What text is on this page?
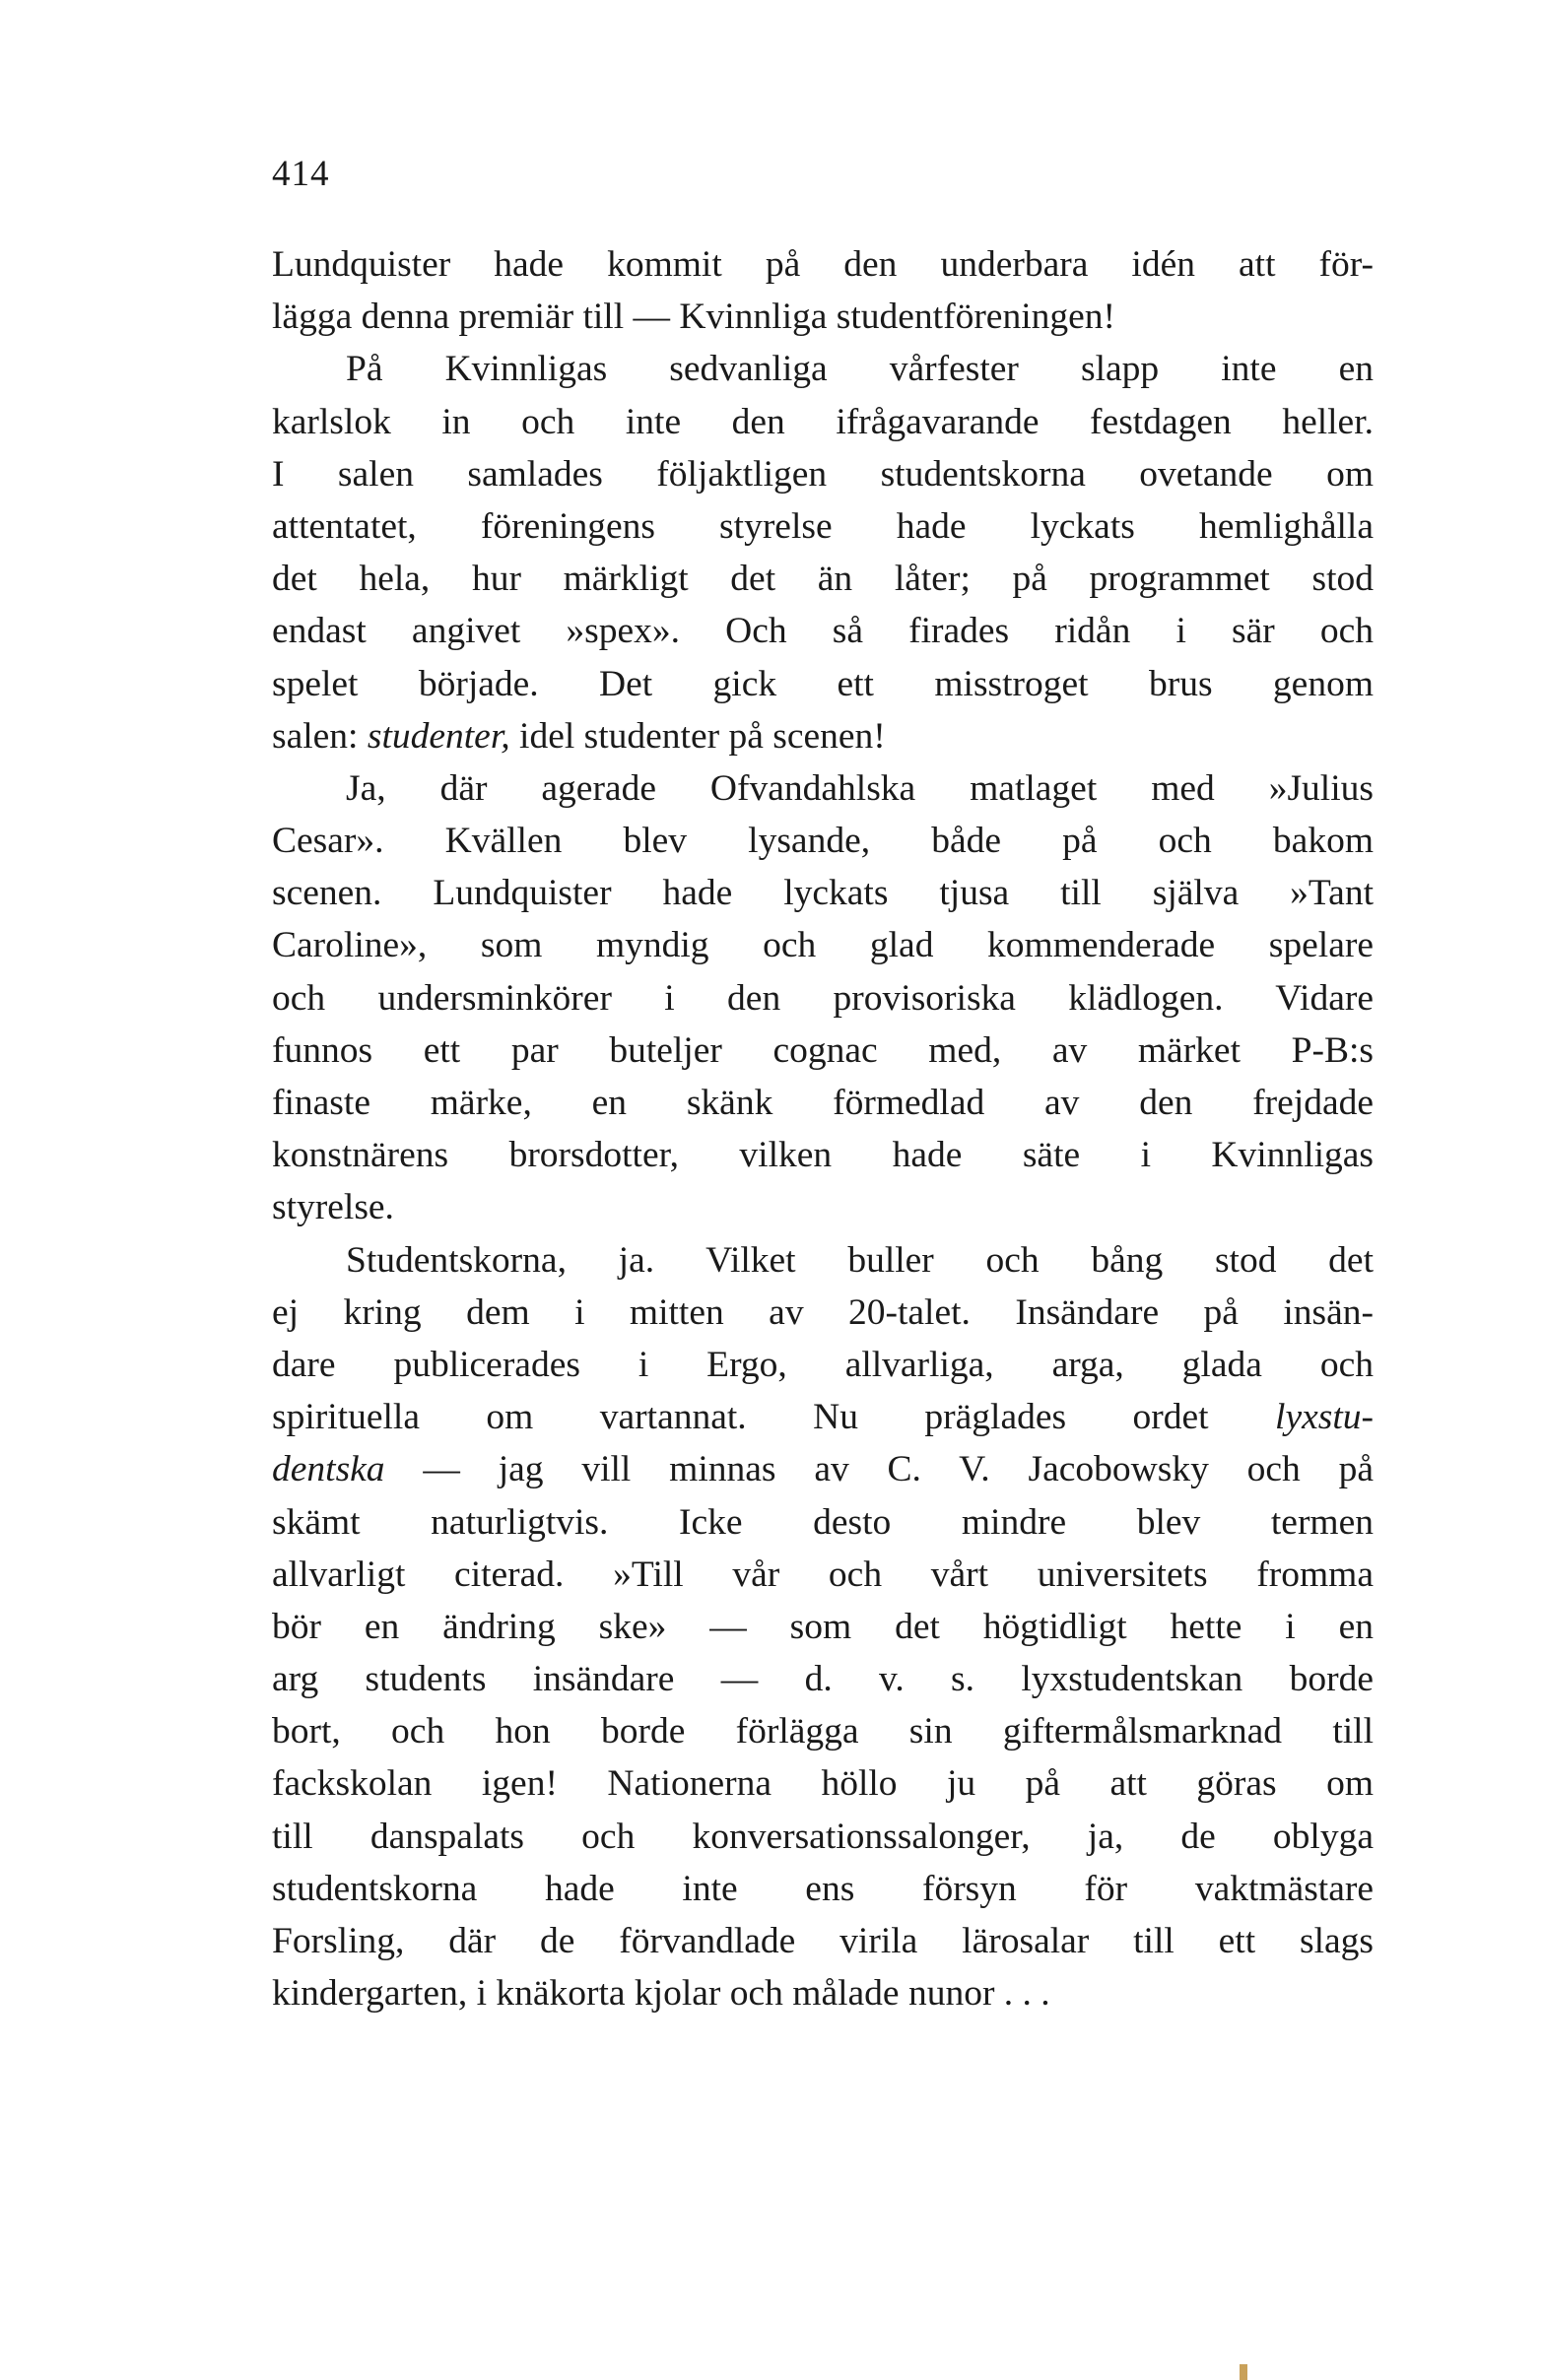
414
Lundquister hade kommit på den underbara idén att för-
lägga denna premiär till — Kvinnliga studentföreningen!
På Kvinnligas sedvanliga vårfester slapp inte en
karlslok in och inte den ifrågavarande festdagen heller.
I salen samlades följaktligen studentskorna ovetande om
attentatet, föreningens styrelse hade lyckats hemlighålla
det hela, hur märkligt det än låter; på programmet stod
endast angivet »spex». Och så firades ridån i sär och
spelet började. Det gick ett misstroget brus genom
salen: studenter, idel studenter på scenen!
Ja, där agerade Ofvandahlska matlaget med »Julius
Cesar». Kvällen blev lysande, både på och bakom
scenen. Lundquister hade lyckats tjusa till själva »Tant
Caroline», som myndig och glad kommenderade spelare
och undersminkörer i den provisoriska klädlogen. Vidare
funnos ett par buteljer cognac med, av märket P-B:s
finaste märke, en skänk förmedlad av den frejdade
konstnärens brorsdotter, vilken hade säte i Kvinnligas
styrelse.
Studentskorna, ja. Vilket buller och bång stod det
ej kring dem i mitten av 20-talet. Insändare på insän-
dare publicerades i Ergo, allvarliga, arga, glada och
spirituella om vartannat. Nu präglades ordet lyxstu-
dentska — jag vill minnas av C. V. Jacobowsky och på
skämt naturligtvis. Icke desto mindre blev termen
allvarligt citerad. »Till vår och vårt universitets fromma
bör en ändring ske» — som det högtidligt hette i en
arg students insändare — d. v. s. lyxstudentskan borde
bort, och hon borde förlägga sin giftermålsmarknad till
fackskolan igen! Nationerna höllo ju på att göras om
till danspalats och konversationssalonger, ja, de oblyga
studentskorna hade inte ens försyn för vaktmästare
Forsling, där de förvandlade virila lärosalar till ett slags
kindergarten, i knäkorta kjolar och målade nunor . . .
